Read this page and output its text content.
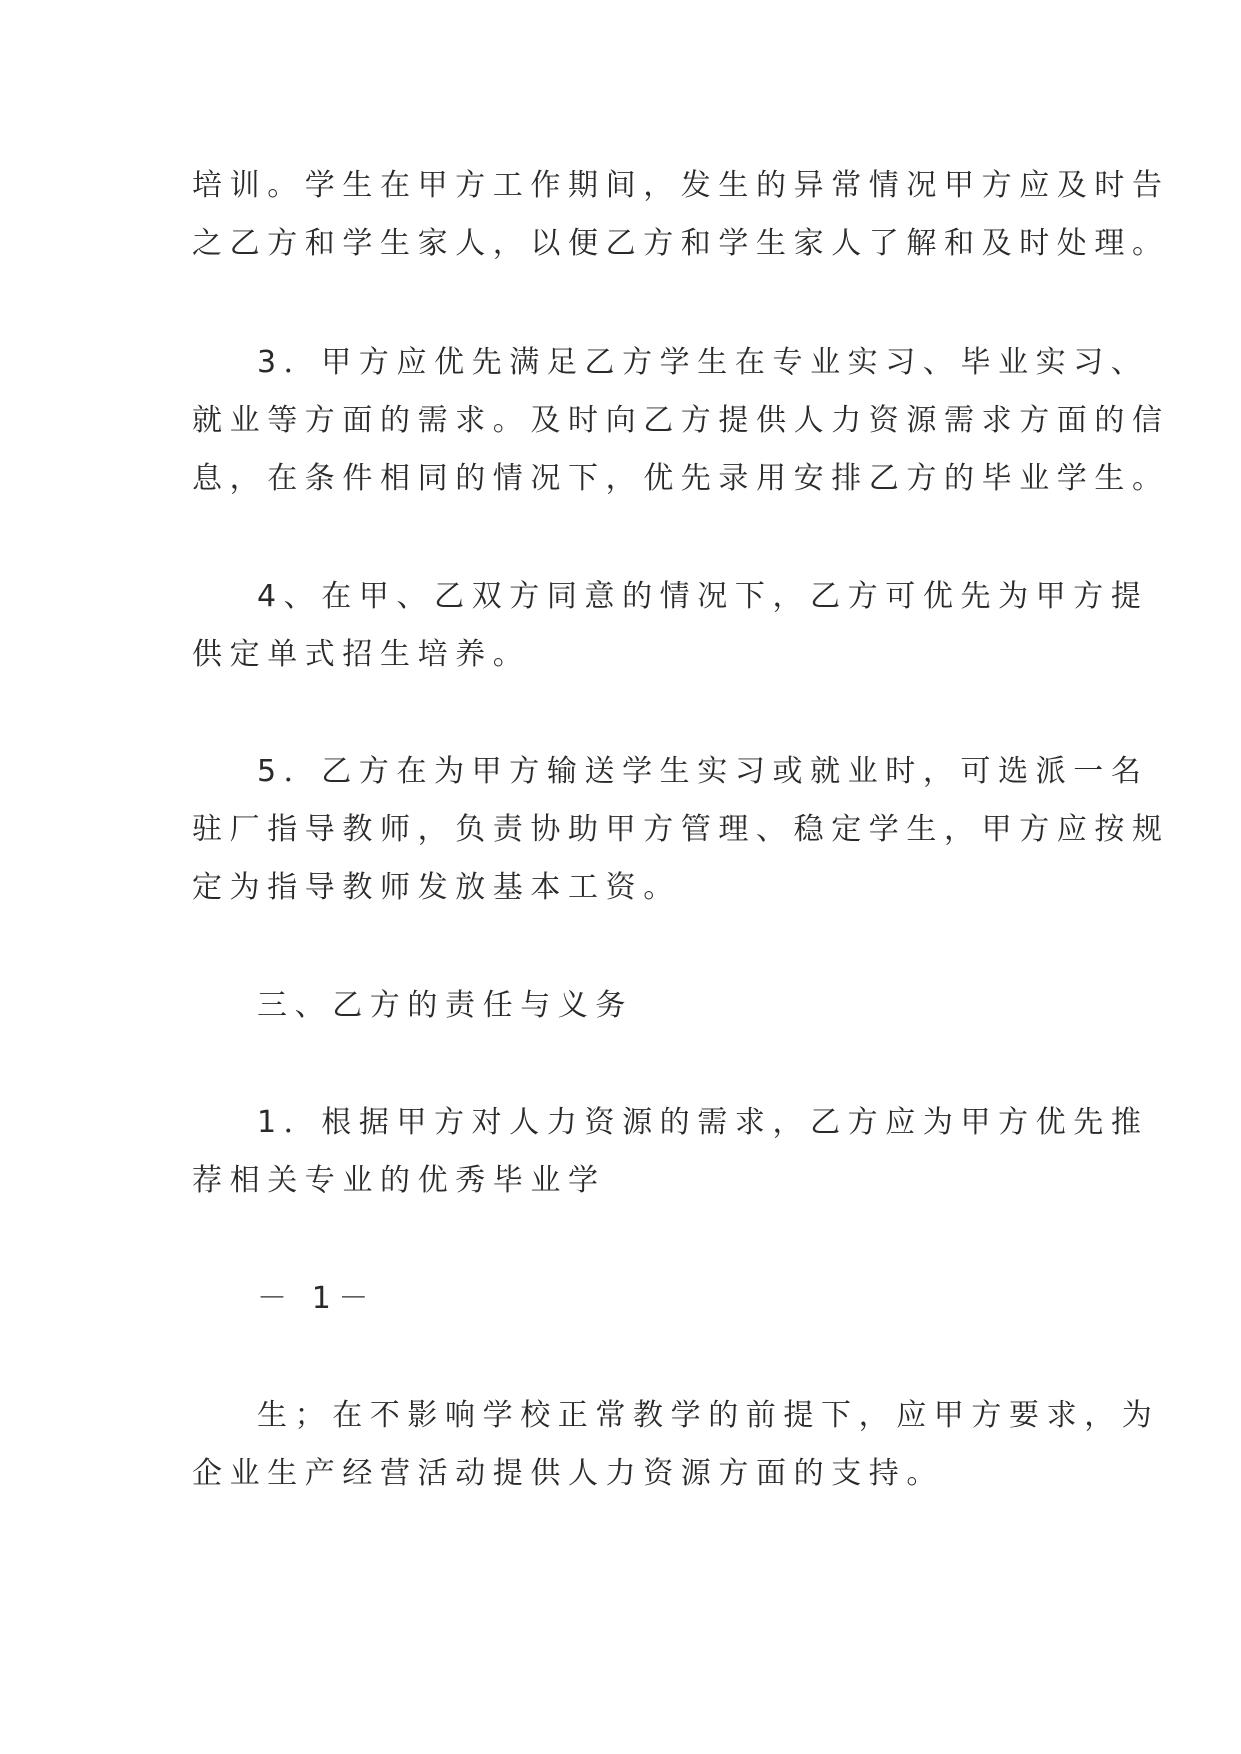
培训。学生在甲方工作期间，发生的异常情况甲方应及时告
之乙方和学生家人，以便乙方和学生家人了解和及时处理。
3．甲方应优先满足乙方学生在专业实习、毕业实习、
就业等方面的需求。及时向乙方提供人力资源需求方面的信
息，在条件相同的情况下，优先录用安排乙方的毕业学生。
4、在甲、乙双方同意的情况下，乙方可优先为甲方提
供定单式招生培养。
5．乙方在为甲方输送学生实习或就业时，可选派一名
驻厂指导教师，负责协助甲方管理、稳定学生，甲方应按规
定为指导教师发放基本工资。
三、乙方的责任与义务
1．根据甲方对人力资源的需求，乙方应为甲方优先推
荐相关专业的优秀毕业学
－ 1－
生；在不影响学校正常教学的前提下，应甲方要求，为
企业生产经营活动提供人力资源方面的支持。
